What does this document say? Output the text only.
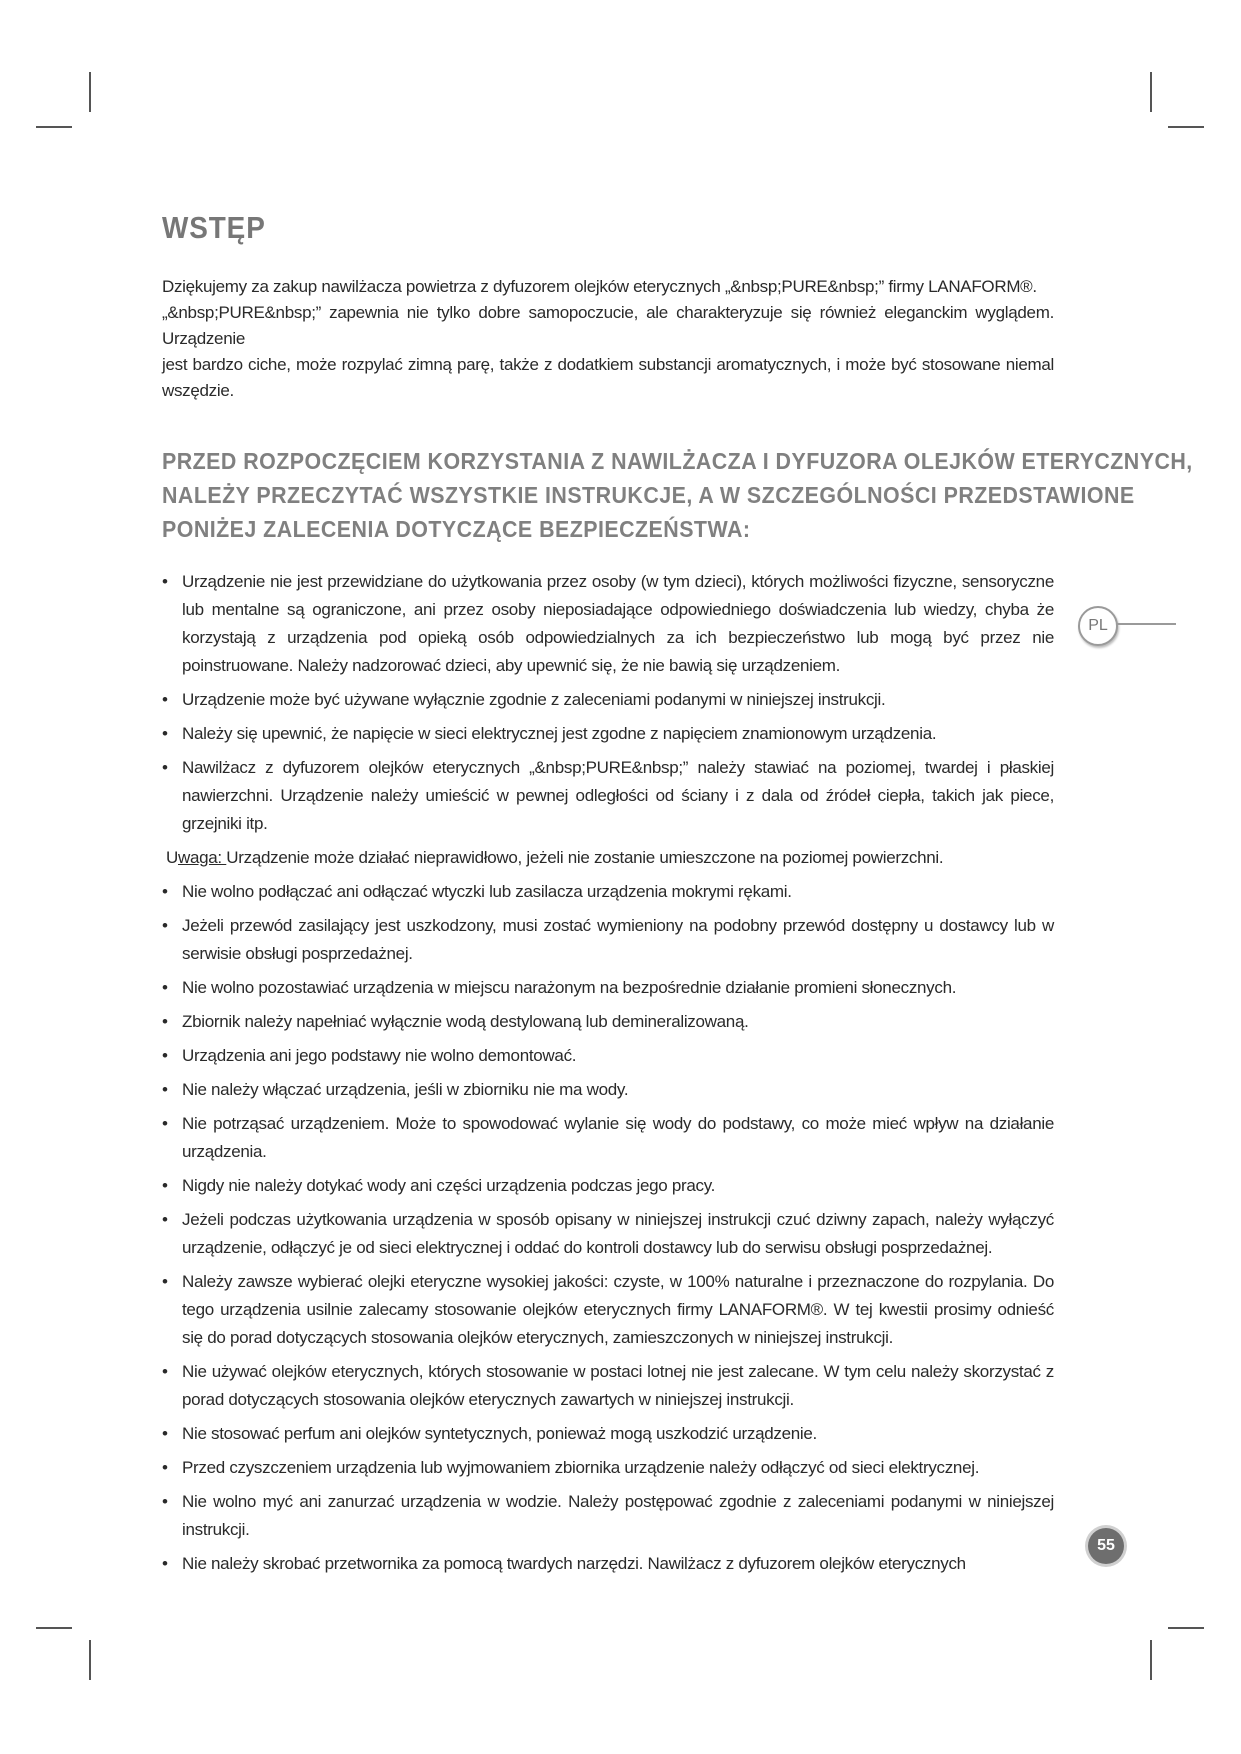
WSTĘP

Dziękujemy za zakup nawilżacza powietrza z dyfuzorem olejków eterycznych „&nbsp;PURE&nbsp;” firmy LANAFORM®.
„&nbsp;PURE&nbsp;” zapewnia nie tylko dobre samopoczucie, ale charakteryzuje się również eleganckim wyglądem. Urządzenie
jest bardzo ciche, może rozpylać zimną parę, także z dodatkiem substancji aromatycznych, i może być stosowane niemal wszędzie.

PRZED ROZPOCZĘCIEM KORZYSTANIA Z NAWILŻACZA I DYFUZORA OLEJKÓW ETERYCZNYCH,
NALEŻY PRZECZYTAĆ WSZYSTKIE INSTRUKCJE, A W SZCZEGÓLNOŚCI PRZEDSTAWIONE
PONIŻEJ ZALECENIA DOTYCZĄCE BEZPIECZEŃSTWA:
• Urządzenie nie jest przewidziane do użytkowania przez osoby (w tym dzieci), których możliwości fizyczne, sensoryczne lub mentalne są ograniczone, ani przez osoby nieposiadające odpowiedniego doświadczenia lub wiedzy, chyba że korzystają z urządzenia pod opieką osób odpowiedzialnych za ich bezpieczeństwo lub mogą być przez nie poinstruowane. Należy nadzorować dzieci, aby upewnić się, że nie bawią się urządzeniem.
• Urządzenie może być używane wyłącznie zgodnie z zaleceniami podanymi w niniejszej instrukcji.
• Należy się upewnić, że napięcie w sieci elektrycznej jest zgodne z napięciem znamionowym urządzenia.
• Nawilżacz z dyfuzorem olejków eterycznych „&nbsp;PURE&nbsp;” należy stawiać na poziomej, twardej i płaskiej nawierzchni. Urządzenie należy umieścić w pewnej odległości od ściany i z dala od źródeł ciepła, takich jak piece, grzejniki itp.

Uwaga: Urządzenie może działać nieprawidłowo, jeżeli nie zostanie umieszczone na poziomej powierzchni.

• Nie wolno podłączać ani odłączać wtyczki lub zasilacza urządzenia mokrymi rękami.
• Jeżeli przewód zasilający jest uszkodzony, musi zostać wymieniony na podobny przewód dostępny u dostawcy lub w serwisie obsługi posprzedażnej.
• Nie wolno pozostawiać urządzenia w miejscu narażonym na bezpośrednie działanie promieni słonecznych.
• Zbiornik należy napełniać wyłącznie wodą destylowaną lub demineralizowaną.
• Urządzenia ani jego podstawy nie wolno demontować.
• Nie należy włączać urządzenia, jeśli w zbiorniku nie ma wody.
• Nie potrząsać urządzeniem. Może to spowodować wylanie się wody do podstawy, co może mieć wpływ na działanie urządzenia.
• Nigdy nie należy dotykać wody ani części urządzenia podczas jego pracy.
• Jeżeli podczas użytkowania urządzenia w sposób opisany w niniejszej instrukcji czuć dziwny zapach, należy wyłączyć urządzenie, odłączyć je od sieci elektrycznej i oddać do kontroli dostawcy lub do serwisu obsługi posprzedażnej.
• Należy zawsze wybierać olejki eteryczne wysokiej jakości: czyste, w 100% naturalne i przeznaczone do rozpylania. Do tego urządzenia usilnie zalecamy stosowanie olejków eterycznych firmy LANAFORM®. W tej kwestii prosimy odnieść się do porad dotyczących stosowania olejków eterycznych, zamieszczonych w niniejszej instrukcji.
• Nie używać olejków eterycznych, których stosowanie w postaci lotnej nie jest zalecane. W tym celu należy skorzystać z porad dotyczących stosowania olejków eterycznych zawartych w niniejszej instrukcji.
• Nie stosować perfum ani olejków syntetycznych, ponieważ mogą uszkodzić urządzenie.
• Przed czyszczeniem urządzenia lub wyjmowaniem zbiornika urządzenie należy odłączyć od sieci elektrycznej.
• Nie wolno myć ani zanurzać urządzenia w wodzie. Należy postępować zgodnie z zaleceniami podanymi w niniejszej instrukcji.
• Nie należy skrobać przetwornika za pomocą twardych narzędzi. Nawilżacz z dyfuzorem olejków eterycznych
PL
55
